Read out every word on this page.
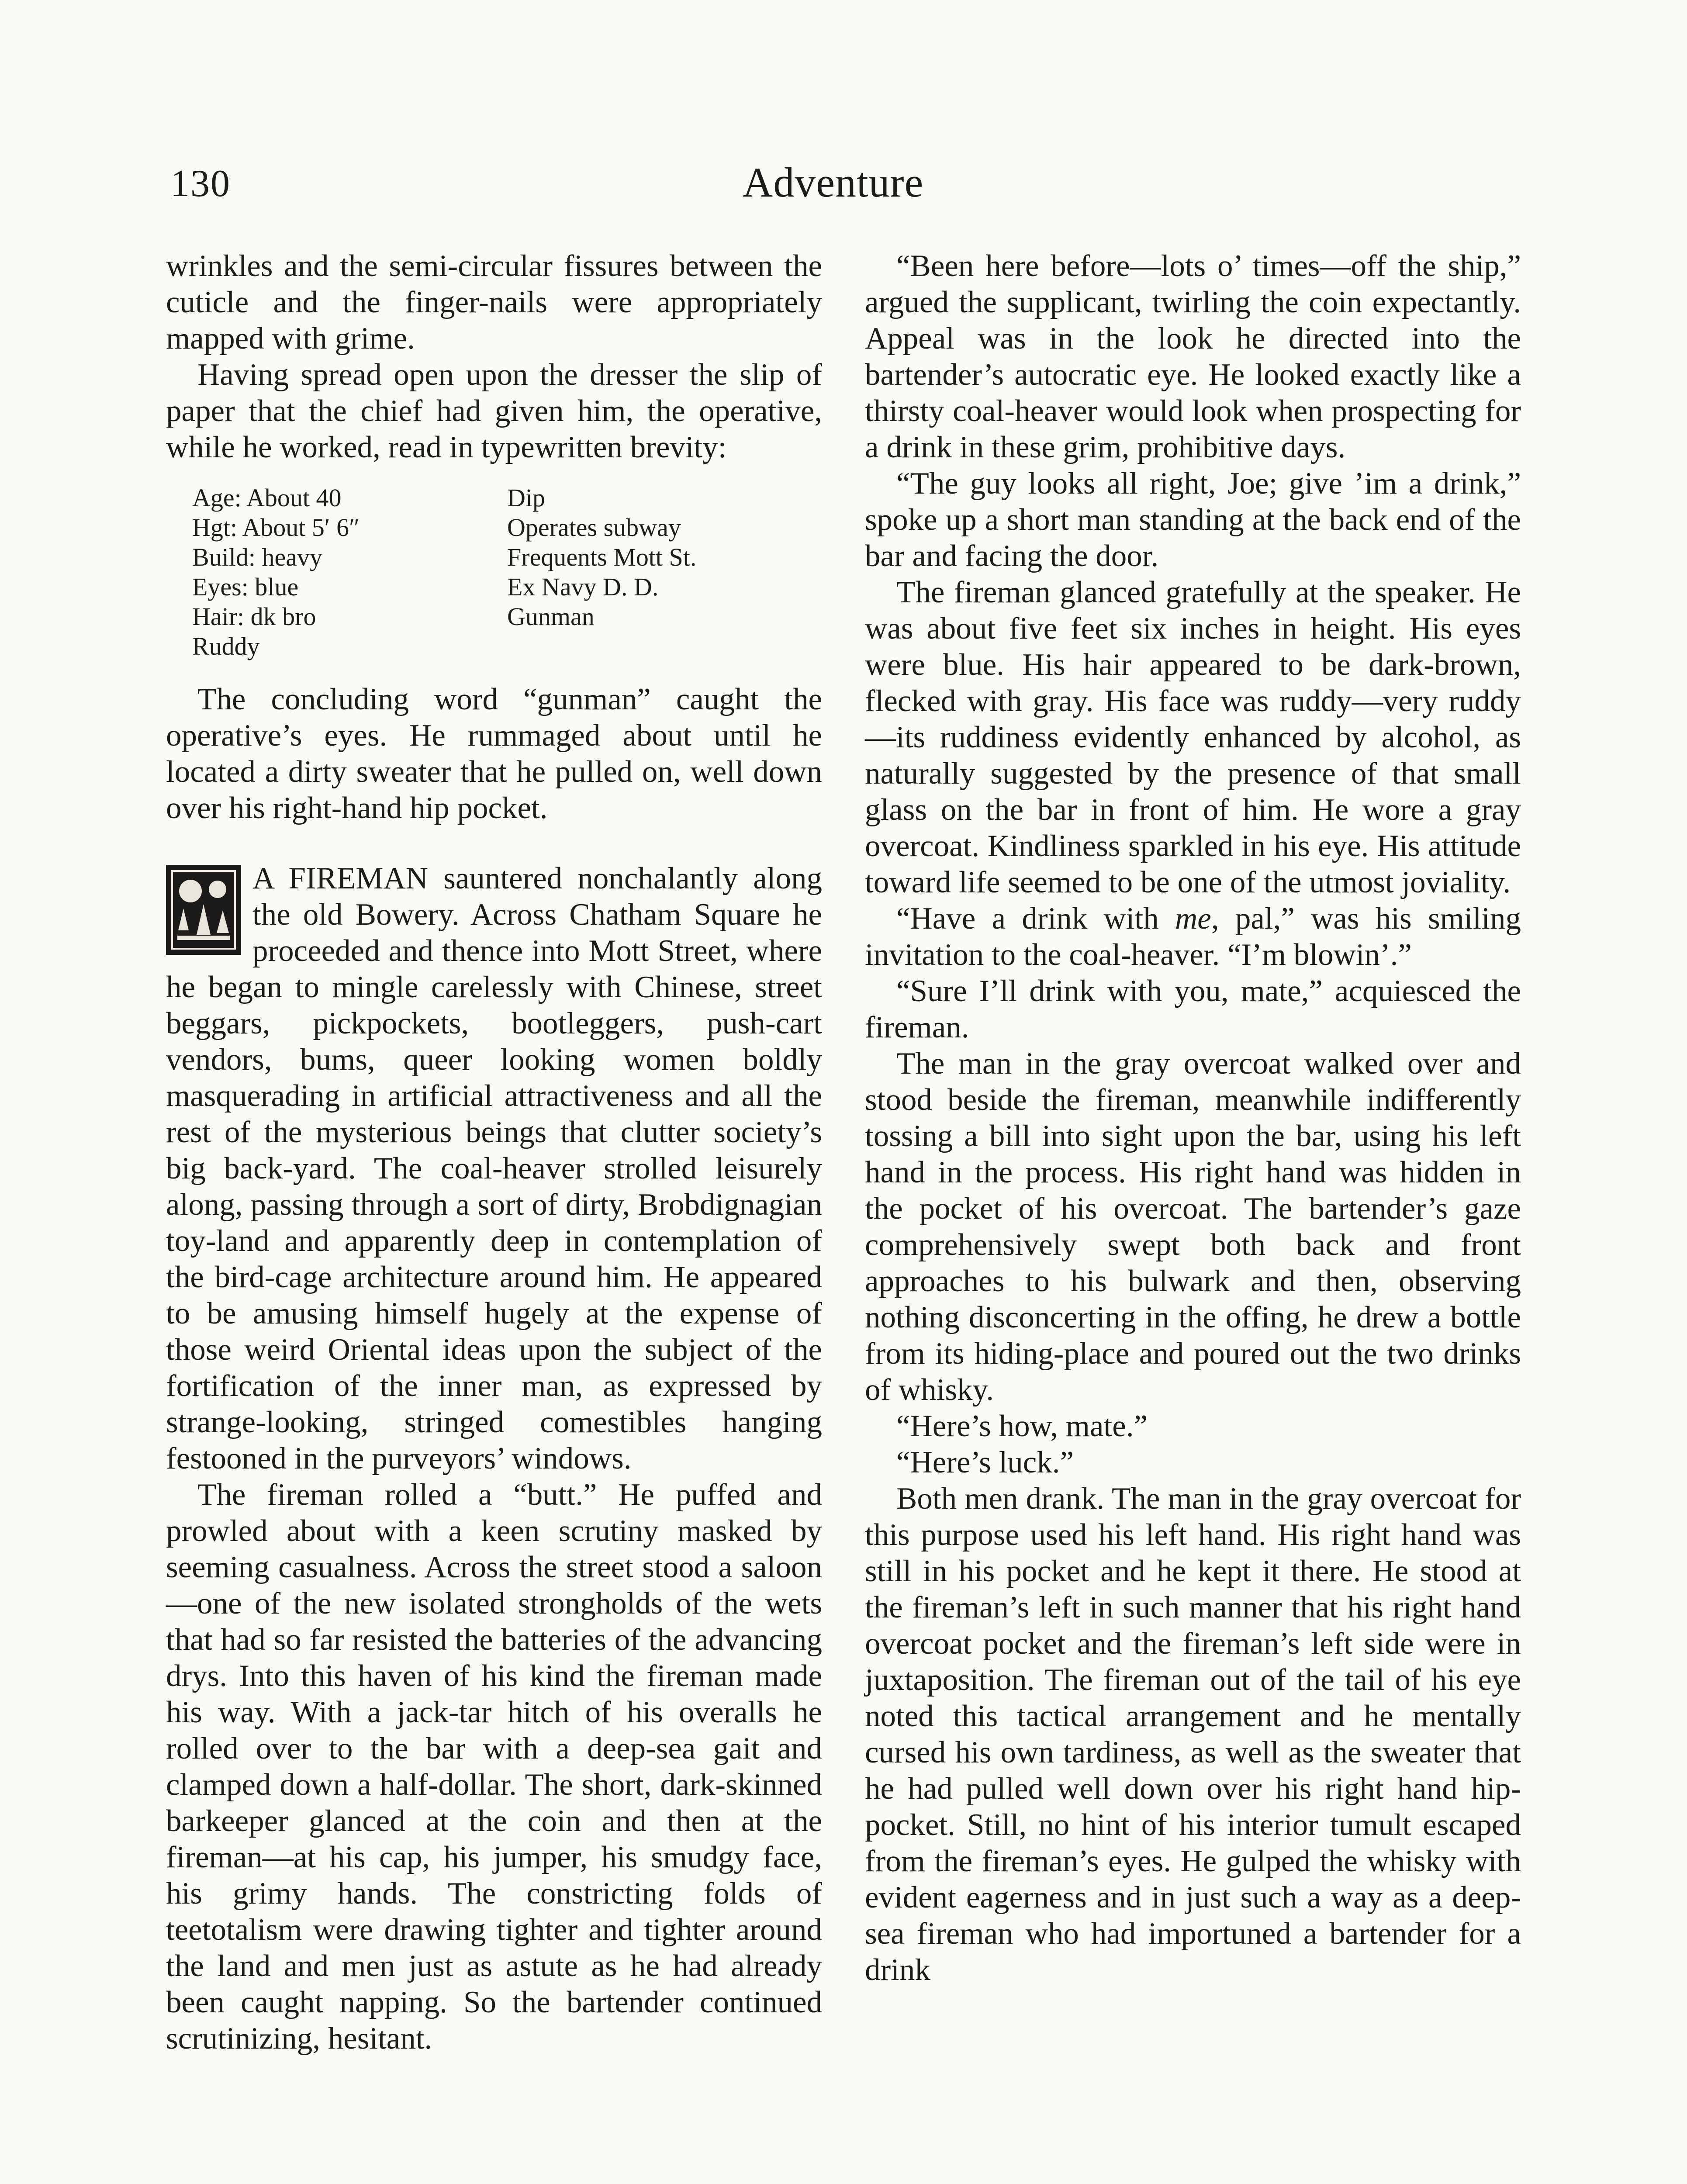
130	Adventure

wrinkles and the semi-circular fissures between the cuticle and the finger-nails were appropriately mapped with grime.

Having spread open upon the dresser the slip of paper that the chief had given him, the operative, while he worked, read in typewritten brevity:

Age: About 40
Hgt: About 5′ 6″
Build: heavy
Eyes: blue
Hair: dk bro
Ruddy
Dip
Operates subway
Frequents Mott St.
Ex Navy D. D.
Gunman

The concluding word “gunman” caught the operative’s eyes. He rummaged about until he located a dirty sweater that he pulled on, well down over his right-hand hip pocket.

A FIREMAN sauntered nonchalantly along the old Bowery. Across Chatham Square he proceeded and thence into Mott Street, where he began to mingle carelessly with Chinese, street beggars, pickpockets, bootleggers, push-cart vendors, bums, queer looking women boldly masquerading in artificial attractiveness and all the rest of the mysterious beings that clutter society’s big back-yard. The coal-heaver strolled leisurely along, passing through a sort of dirty, Brobdignagian toy-land and apparently deep in contemplation of the bird-cage architecture around him. He appeared to be amusing himself hugely at the expense of those weird Oriental ideas upon the subject of the fortification of the inner man, as expressed by strange-looking, stringed comestibles hanging festooned in the purveyors’ windows.

The fireman rolled a “butt.” He puffed and prowled about with a keen scrutiny masked by seeming casualness. Across the street stood a saloon—one of the new isolated strongholds of the wets that had so far resisted the batteries of the advancing drys. Into this haven of his kind the fireman made his way. With a jack-tar hitch of his overalls he rolled over to the bar with a deep-sea gait and clamped down a half-dollar. The short, dark-skinned barkeeper glanced at the coin and then at the fireman—at his cap, his jumper, his smudgy face, his grimy hands. The constricting folds of teetotalism were drawing tighter and tighter around the land and men just as astute as he had already been caught napping. So the bartender continued scrutinizing, hesitant.

“Been here before—lots o’ times—off the ship,” argued the supplicant, twirling the coin expectantly. Appeal was in the look he directed into the bartender’s autocratic eye. He looked exactly like a thirsty coal-heaver would look when prospecting for a drink in these grim, prohibitive days.

“The guy looks all right, Joe; give ’im a drink,” spoke up a short man standing at the back end of the bar and facing the door.

The fireman glanced gratefully at the speaker. He was about five feet six inches in height. His eyes were blue. His hair appeared to be dark-brown, flecked with gray. His face was ruddy—very ruddy—its ruddiness evidently enhanced by alcohol, as naturally suggested by the presence of that small glass on the bar in front of him. He wore a gray overcoat. Kindliness sparkled in his eye. His attitude toward life seemed to be one of the utmost joviality.

“Have a drink with me, pal,” was his smiling invitation to the coal-heaver. “I’m blowin’.”

“Sure I’ll drink with you, mate,” acquiesced the fireman.

The man in the gray overcoat walked over and stood beside the fireman, meanwhile indifferently tossing a bill into sight upon the bar, using his left hand in the process. His right hand was hidden in the pocket of his overcoat. The bartender’s gaze comprehensively swept both back and front approaches to his bulwark and then, observing nothing disconcerting in the offing, he drew a bottle from its hiding-place and poured out the two drinks of whisky.

“Here’s how, mate.”

“Here’s luck.”

Both men drank. The man in the gray overcoat for this purpose used his left hand. His right hand was still in his pocket and he kept it there. He stood at the fireman’s left in such manner that his right hand overcoat pocket and the fireman’s left side were in juxtaposition. The fireman out of the tail of his eye noted this tactical arrangement and he mentally cursed his own tardiness, as well as the sweater that he had pulled well down over his right hand hip-pocket. Still, no hint of his interior tumult escaped from the fireman’s eyes. He gulped the whisky with evident eagerness and in just such a way as a deep-sea fireman who had importuned a bartender for a drink
